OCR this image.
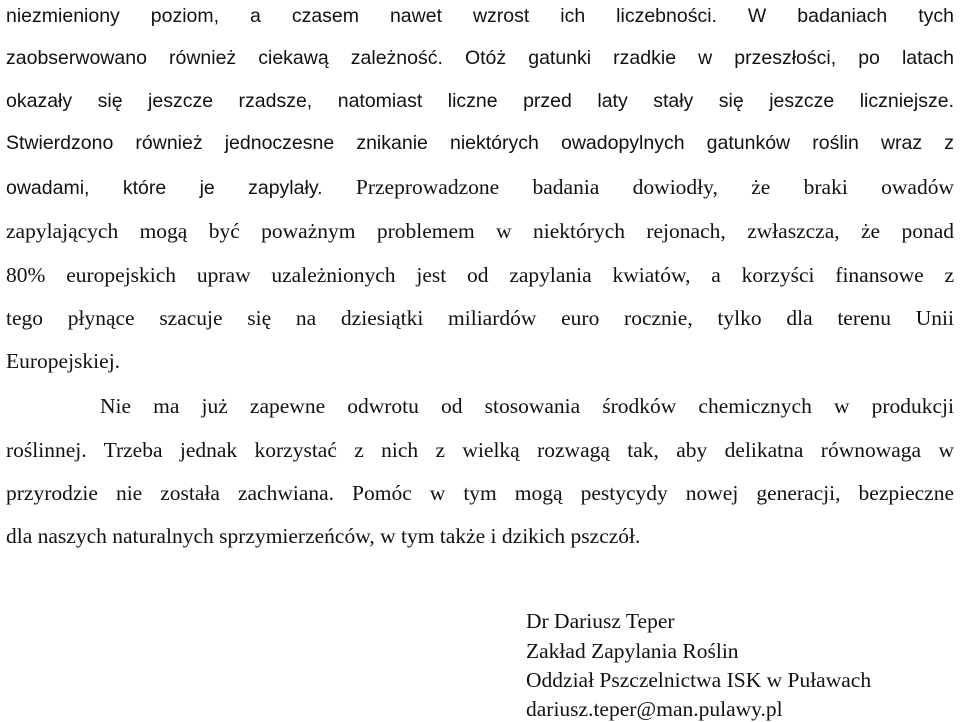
niezmieniony poziom, a czasem nawet wzrost ich liczebności. W badaniach tych
zaobserwowano również ciekawą zależność. Otóż gatunki rzadkie w przeszłości, po latach
okazały się jeszcze rzadsze, natomiast liczne przed laty stały się jeszcze liczniejsze.
Stwierdzono również jednoczesne znikanie niektórych owadopylnych gatunków roślin wraz z
owadami, które je zapylały. Przeprowadzone badania dowiodły, że braki owadów
zapylających mogą być poważnym problemem w niektórych rejonach, zwłaszcza, że ponad
80% europejskich upraw uzależnionych jest od zapylania kwiatów, a korzyści finansowe z
tego płynące szacuje się na dziesiątki miliardów euro rocznie, tylko dla terenu Unii
Europejskiej.
Nie ma już zapewne odwrotu od stosowania środków chemicznych w produkcji
roślinnej. Trzeba jednak korzystać z nich z wielką rozwagą tak, aby delikatna równowaga w
przyrodzie nie została zachwiana. Pomóc w tym mogą pestycydy nowej generacji, bezpieczne
dla naszych naturalnych sprzymierzeńców, w tym także i dzikich pszczół.
Dr Dariusz Teper
Zakład Zapylania Roślin
Oddział Pszczelnictwa ISK w Puławach
dariusz.teper@man.pulawy.pl
